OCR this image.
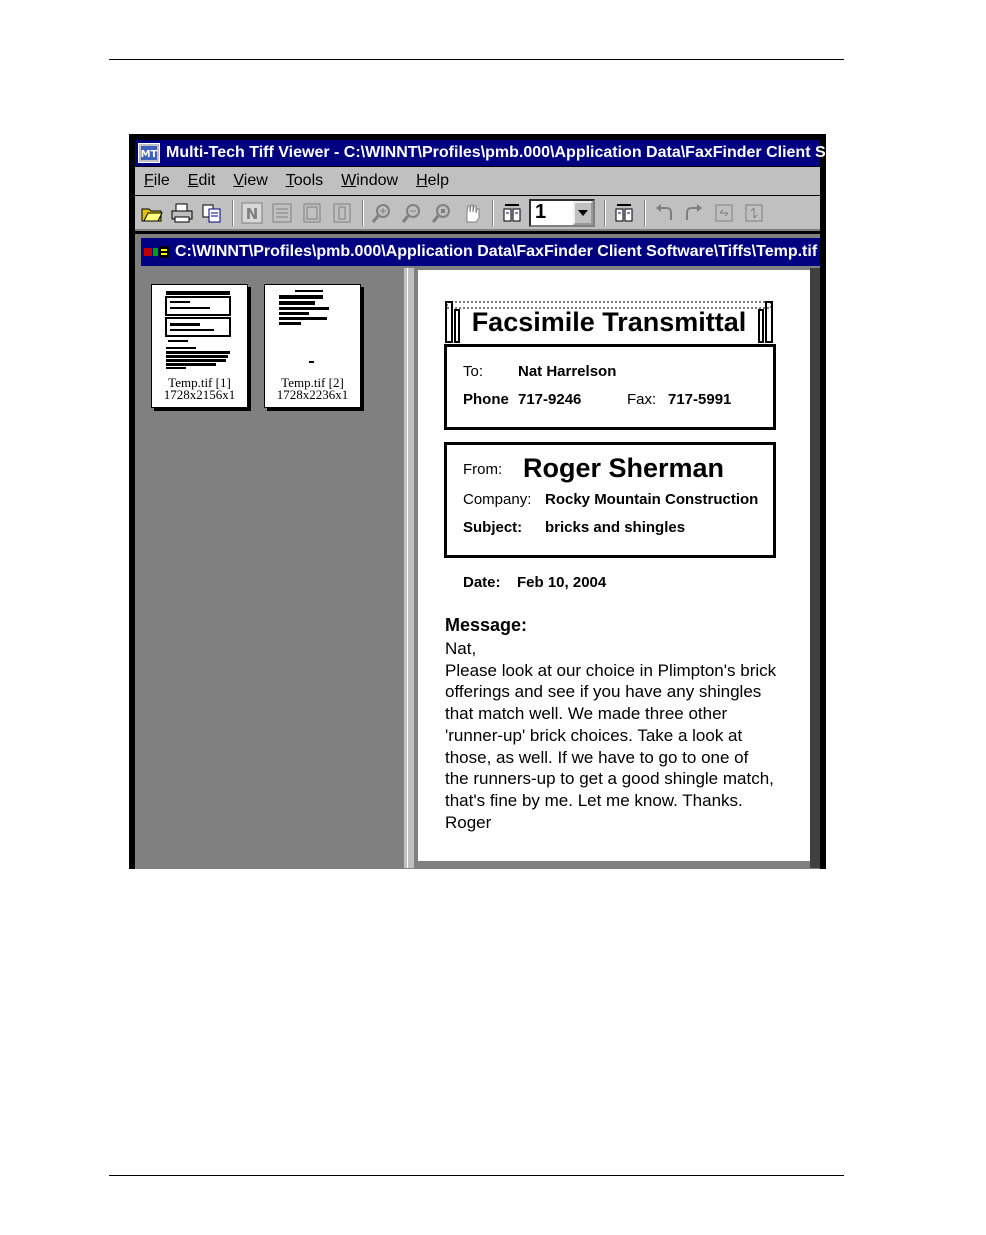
MT Multi-Tech Tiff Viewer - C:\WINNT\Profiles\pmb.000\Application Data\FaxFinder Client Software\Tiffs\Temp.tif
File Edit View Tools Window Help
N	1
C:\WINNT\Profiles\pmb.000\Application Data\FaxFinder Client Software\Tiffs\Temp.tif
Temp.tif [1]
1728x2156x1
Temp.tif [2]
1728x2236x1
Facsimile Transmittal
To: Nat Harrelson
Phone 717-9246	Fax: 717-5991
From: Roger Sherman
Company: Rocky Mountain Construction
Subject: bricks and shingles
Date: Feb 10, 2004
Message:
Nat,
Please look at our choice in Plimpton's brick
offerings and see if you have any shingles
that match well. We made three other
'runner-up' brick choices. Take a look at
those, as well. If we have to go to one of
the runners-up to get a good shingle match,
that's fine by me. Let me know. Thanks.
Roger
